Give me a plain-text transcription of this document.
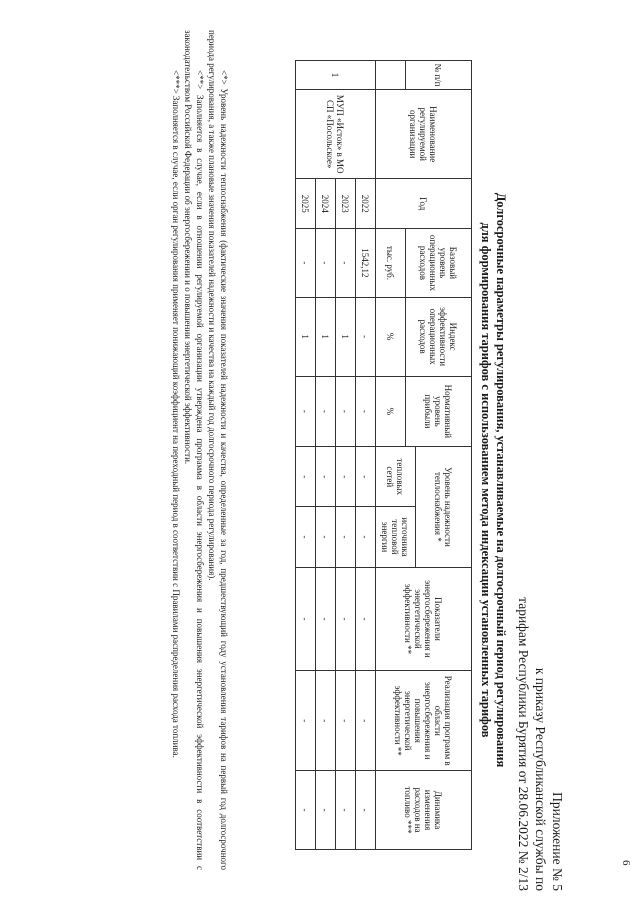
6
Приложение № 5
к приказу Республиканской службы по
тарифам Республики Бурятия от 28.06.2022 № 2/13
Долгосрочные параметры регулирования, устанавливаемые на долгосрочный период регулирования
для формирования тарифов с использованием метода индексации установленных тарифов
№ п/п	Наименование регулируемой организации	Год	Базовый уровень операционных расходов	Индекс эффективности операционных расходов	Нормативный уровень прибыли	Уровень надежности теплоснабжения *		Показатели энергосбережения и энергетической эффективности **	Реализация программ в области энергосбережения и повышения энергетической эффективности **	Динамика изменения расходов на топливо ***
						тепловых сетей	источника тепловой энергии			
			тыс. руб.	%	%					
1	МУП «Исток» в МО СП «Посольское»	2022	1542,12	-	-	-	-	-	-	-
		2023	-	1	-	-	-	-	-	-
		2024	-	1	-	-	-	-	-	-
		2025	-	1	-	-	-	-	-	-

<*> Уровень надежности теплоснабжения (фактические значения показателей надежности и качества, определенные за год, предшествующий году установления тарифов на первый год долгосрочного периода регулирования, а также плановые значения показателей надежности и качества на каждый год долгосрочного периода регулирования).

<**> Заполняется в случае, если в отношении регулируемой организации утверждена программа в области энергосбережения и повышения энергетической эффективности в соответствии с законодательством Российской Федерации об энергосбережении и о повышении энергетической эффективности.

<***> Заполняется в случае, если орган регулирования применяет понижающий коэффициент на переходный период в соответствии с Правилами распределения расхода топлива.
